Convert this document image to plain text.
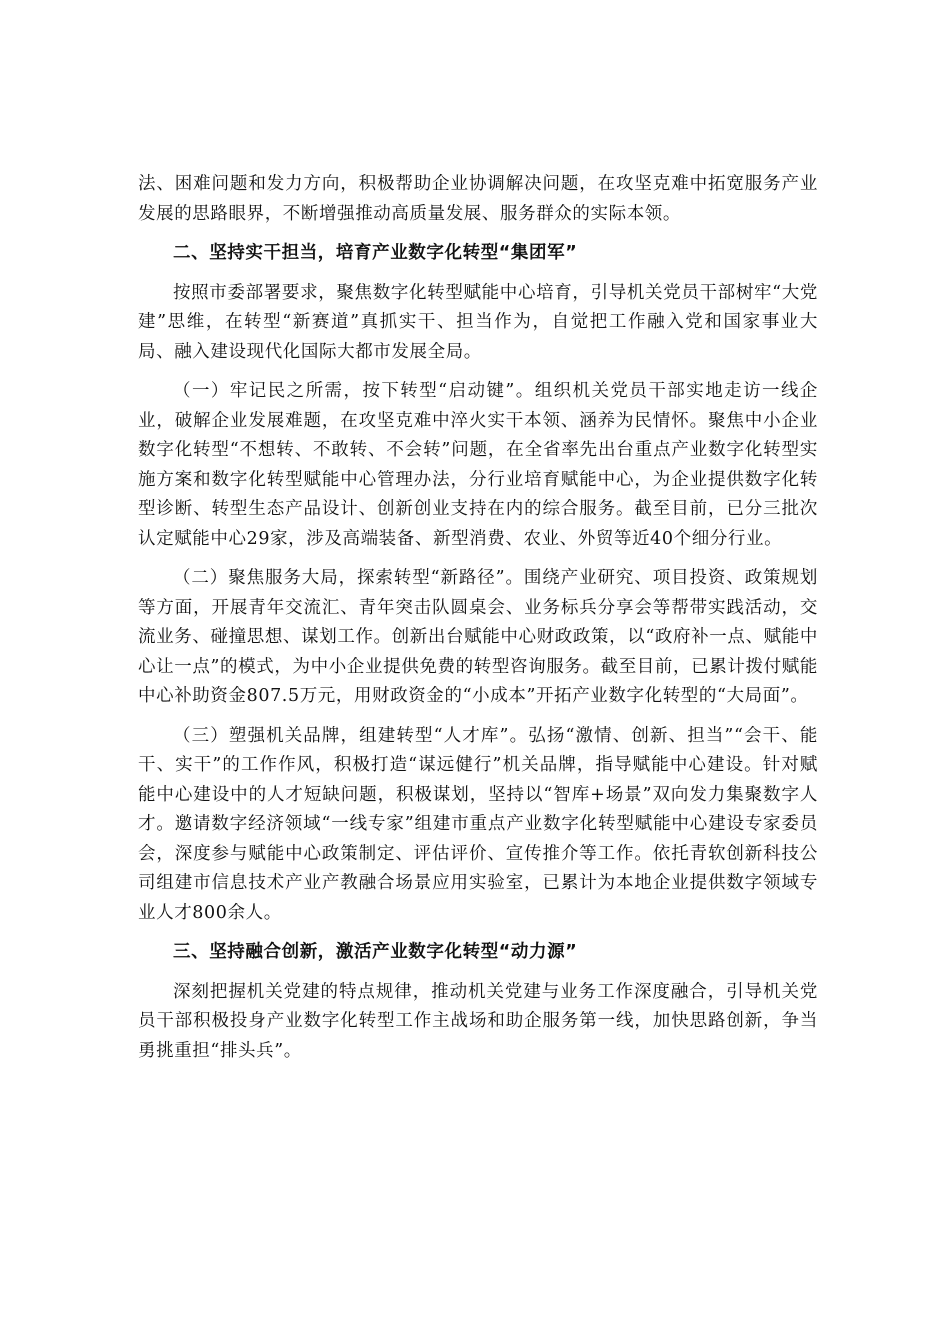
法、困难问题和发力方向，积极帮助企业协调解决问题，在攻坚克难中拓宽服务产业发展的思路眼界，不断增强推动高质量发展、服务群众的实际本领。

二、坚持实干担当，培育产业数字化转型“集团军”

按照市委部署要求，聚焦数字化转型赋能中心培育，引导机关党员干部树牢“大党建”思维，在转型“新赛道”真抓实干、担当作为，自觉把工作融入党和国家事业大局、融入建设现代化国际大都市发展全局。

（一）牢记民之所需，按下转型“启动键”。组织机关党员干部实地走访一线企业，破解企业发展难题，在攻坚克难中淬火实干本领、涵养为民情怀。聚焦中小企业数字化转型“不想转、不敢转、不会转”问题，在全省率先出台重点产业数字化转型实施方案和数字化转型赋能中心管理办法，分行业培育赋能中心，为企业提供数字化转型诊断、转型生态产品设计、创新创业支持在内的综合服务。截至目前，已分三批次认定赋能中心29家，涉及高端装备、新型消费、农业、外贸等近40个细分行业。

（二）聚焦服务大局，探索转型“新路径”。围绕产业研究、项目投资、政策规划等方面，开展青年交流汇、青年突击队圆桌会、业务标兵分享会等帮带实践活动，交流业务、碰撞思想、谋划工作。创新出台赋能中心财政政策，以“政府补一点、赋能中心让一点”的模式，为中小企业提供免费的转型咨询服务。截至目前，已累计拨付赋能中心补助资金807.5万元，用财政资金的“小成本”开拓产业数字化转型的“大局面”。

（三）塑强机关品牌，组建转型“人才库”。弘扬“激情、创新、担当”“会干、能干、实干”的工作作风，积极打造“谋远健行”机关品牌，指导赋能中心建设。针对赋能中心建设中的人才短缺问题，积极谋划，坚持以“智库+场景”双向发力集聚数字人才。邀请数字经济领域“一线专家”组建市重点产业数字化转型赋能中心建设专家委员会，深度参与赋能中心政策制定、评估评价、宣传推介等工作。依托青软创新科技公司组建市信息技术产业产教融合场景应用实验室，已累计为本地企业提供数字领域专业人才800余人。

三、坚持融合创新，激活产业数字化转型“动力源”

深刻把握机关党建的特点规律，推动机关党建与业务工作深度融合，引导机关党员干部积极投身产业数字化转型工作主战场和助企服务第一线，加快思路创新，争当勇挑重担“排头兵”。
